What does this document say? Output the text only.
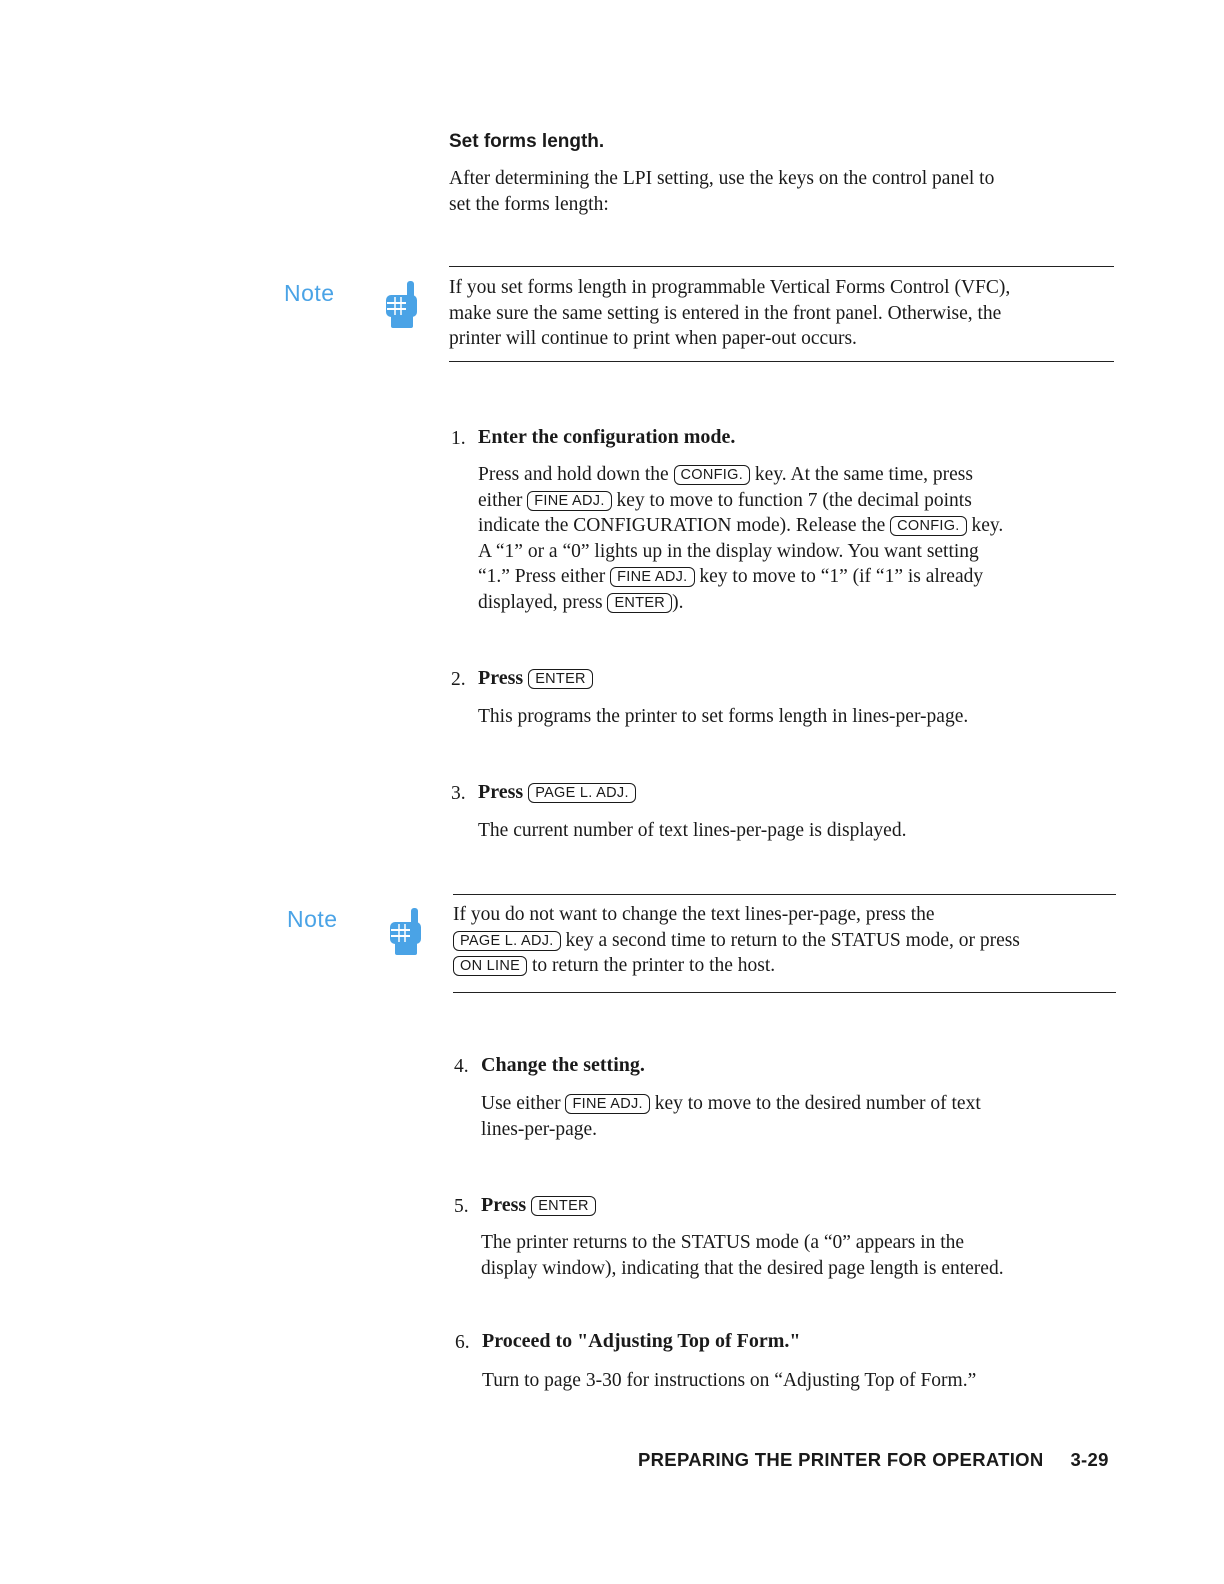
Set forms length.
After determining the LPI setting, use the keys on the control panel to
set the forms length:
Note	If you set forms length in programmable Vertical Forms Control (VFC),
make sure the same setting is entered in the front panel. Otherwise, the
printer will continue to print when paper-out occurs.
1. Enter the configuration mode.
Press and hold down the CONFIG. key. At the same time, press
either FINE ADJ. key to move to function 7 (the decimal points
indicate the CONFIGURATION mode). Release the CONFIG. key.
A “1” or a “0” lights up in the display window. You want setting
“1.” Press either FINE ADJ. key to move to “1” (if “1” is already
displayed, press ENTER ).
2. Press ENTER
This programs the printer to set forms length in lines-per-page.
3. Press PAGE L. ADJ.
The current number of text lines-per-page is displayed.
Note	If you do not want to change the text lines-per-page, press the
PAGE L. ADJ. key a second time to return to the STATUS mode, or press
ON LINE to return the printer to the host.
4. Change the setting.
Use either FINE ADJ. key to move to the desired number of text
lines-per-page.
5. Press ENTER
The printer returns to the STATUS mode (a “0” appears in the
display window), indicating that the desired page length is entered.
6. Proceed to "Adjusting Top of Form."
Turn to page 3-30 for instructions on “Adjusting Top of Form.”
PREPARING THE PRINTER FOR OPERATION 3-29
